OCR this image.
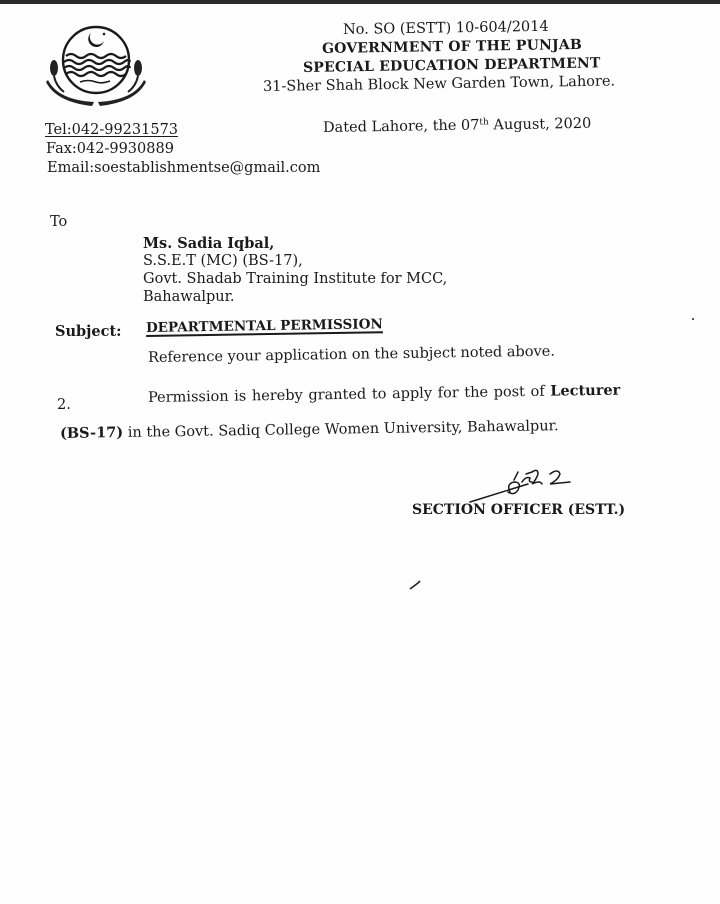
No. SO (ESTT) 10-604/2014
GOVERNMENT OF THE PUNJAB
SPECIAL EDUCATION DEPARTMENT
31-Sher Shah Block New Garden Town, Lahore.
Tel:042-99231573
Fax:042-9930889
Email:soestablishmentse@gmail.com
Dated Lahore, the 07th August, 2020
To
Ms. Sadia Iqbal,
S.S.E.T (MC) (BS-17),
Govt. Shadab Training Institute for MCC,
Bahawalpur.
Subject: DEPARTMENTAL PERMISSION
Reference your application on the subject noted above.
2.	Permission is hereby granted to apply for the post of Lecturer
(BS-17) in the Govt. Sadiq College Women University, Bahawalpur.
SECTION OFFICER (ESTT.)
